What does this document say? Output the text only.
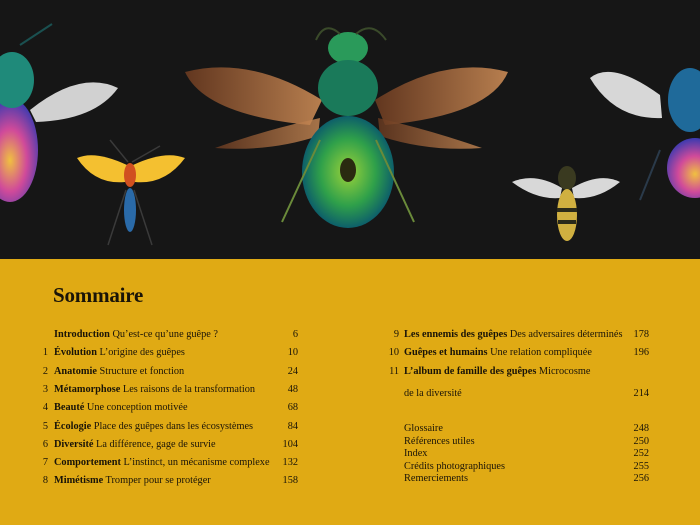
Sommaire
Introduction Qu’est-ce qu’une guêpe ?	6
1 Évolution L’origine des guêpes	10
2 Anatomie Structure et fonction	24
3 Métamorphose Les raisons de la transformation	48
4 Beauté Une conception motivée	68
5 Écologie Place des guêpes dans les écosystèmes	84
6 Diversité La différence, gage de survie	104
7 Comportement L’instinct, un mécanisme complexe	132
8 Mimétisme Tromper pour se protéger	158
9 Les ennemis des guêpes Des adversaires déterminés	178
10 Guêpes et humains Une relation compliquée	196
11 L’album de famille des guêpes Microcosme
de la diversité	214
Glossaire	248
Références utiles	250
Index	252
Crédits photographiques	255
Remerciements	256
